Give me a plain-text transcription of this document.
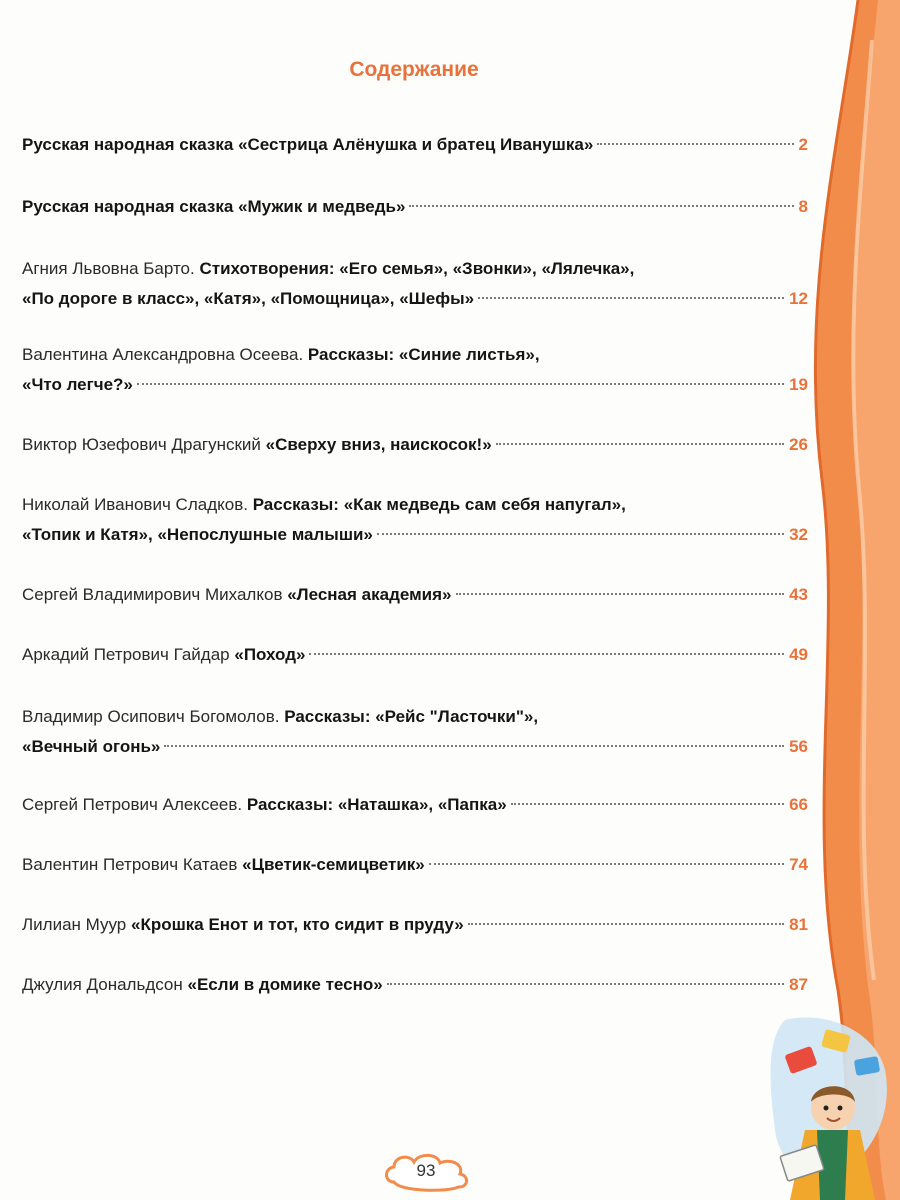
Содержание
Русская народная сказка «Сестрица Алёнушка и братец Иванушка»	2
Русская народная сказка «Мужик и медведь»	8
Агния Львовна Барто.
Стихотворения: «Его семья», «Звонки», «Лялечка»,
«По дороге в класс», «Катя», «Помощница», «Шефы»	12
Валентина Александровна Осеева.
Рассказы: «Синие листья»,
«Что легче?»	19
Виктор Юзефович Драгунский
«Сверху вниз, наискосок!»	26
Николай Иванович Сладков.
Рассказы: «Как медведь сам себя напугал»,
«Топик и Катя», «Непослушные малыши»	32
Сергей Владимирович Михалков
«Лесная академия»	43
Аркадий Петрович Гайдар
«Поход»	49
Владимир Осипович Богомолов.
Рассказы: «Рейс "Ласточки"»,
«Вечный огонь»	56
Сергей Петрович Алексеев.
Рассказы: «Наташка», «Папка»	66
Валентин Петрович Катаев
«Цветик-семицветик»	74
Лилиан Муур
«Крошка Енот и тот, кто сидит в пруду»	81
Джулия Дональдсон
«Если в домике тесно»	87
93
